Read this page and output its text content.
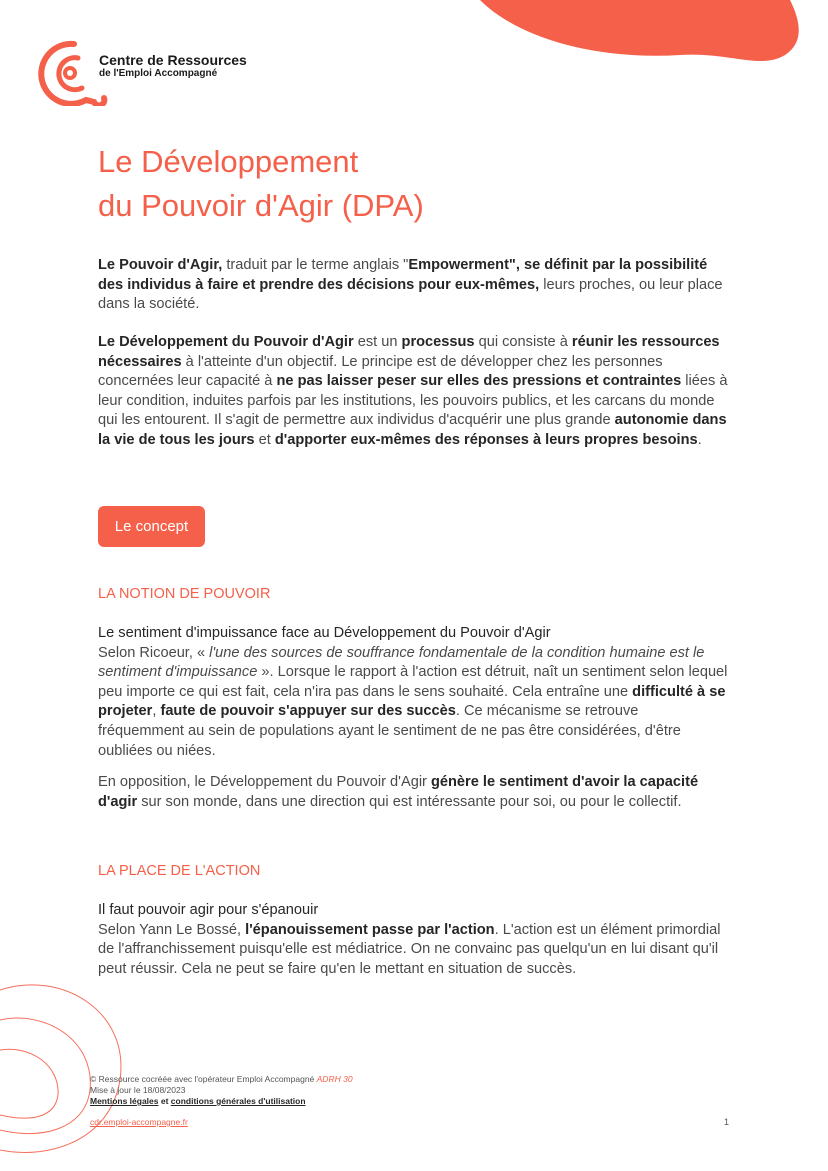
Centre de Ressources
de l'Emploi Accompagné
Le Développement
du Pouvoir d'Agir (DPA)

Le Pouvoir d'Agir, traduit par le terme anglais "Empowerment", se définit par la possibilité des individus à faire et prendre des décisions pour eux-mêmes, leurs proches, ou leur place dans la société.

Le Développement du Pouvoir d'Agir est un processus qui consiste à réunir les ressources nécessaires à l'atteinte d'un objectif. Le principe est de développer chez les personnes concernées leur capacité à ne pas laisser peser sur elles des pressions et contraintes liées à leur condition, induites parfois par les institutions, les pouvoirs publics, et les carcans du monde qui les entourent. Il s'agit de permettre aux individus d'acquérir une plus grande autonomie dans la vie de tous les jours et d'apporter eux-mêmes des réponses à leurs propres besoins.

Le concept
LA NOTION DE POUVOIR

Le sentiment d'impuissance face au Développement du Pouvoir d'Agir
Selon Ricoeur, « l'une des sources de souffrance fondamentale de la condition humaine est le sentiment d'impuissance ». Lorsque le rapport à l'action est détruit, naît un sentiment selon lequel peu importe ce qui est fait, cela n'ira pas dans le sens souhaité. Cela entraîne une difficulté à se projeter, faute de pouvoir s'appuyer sur des succès. Ce mécanisme se retrouve fréquemment au sein de populations ayant le sentiment de ne pas être considérées, d'être oubliées ou niées.

En opposition, le Développement du Pouvoir d'Agir génère le sentiment d'avoir la capacité d'agir sur son monde, dans une direction qui est intéressante pour soi, ou pour le collectif.

LA PLACE DE L'ACTION

Il faut pouvoir agir pour s'épanouir
Selon Yann Le Bossé, l'épanouissement passe par l'action. L'action est un élément primordial de l'affranchissement puisqu'elle est médiatrice. On ne convainc pas quelqu'un en lui disant qu'il peut réussir. Cela ne peut se faire qu'en le mettant en situation de succès.

© Ressource cocréée avec l'opérateur Emploi Accompagné ADRH 30
Mise à jour le 18/08/2023
Mentions légales et conditions générales d'utilisation
cdr.emploi-accompagne.fr	1
